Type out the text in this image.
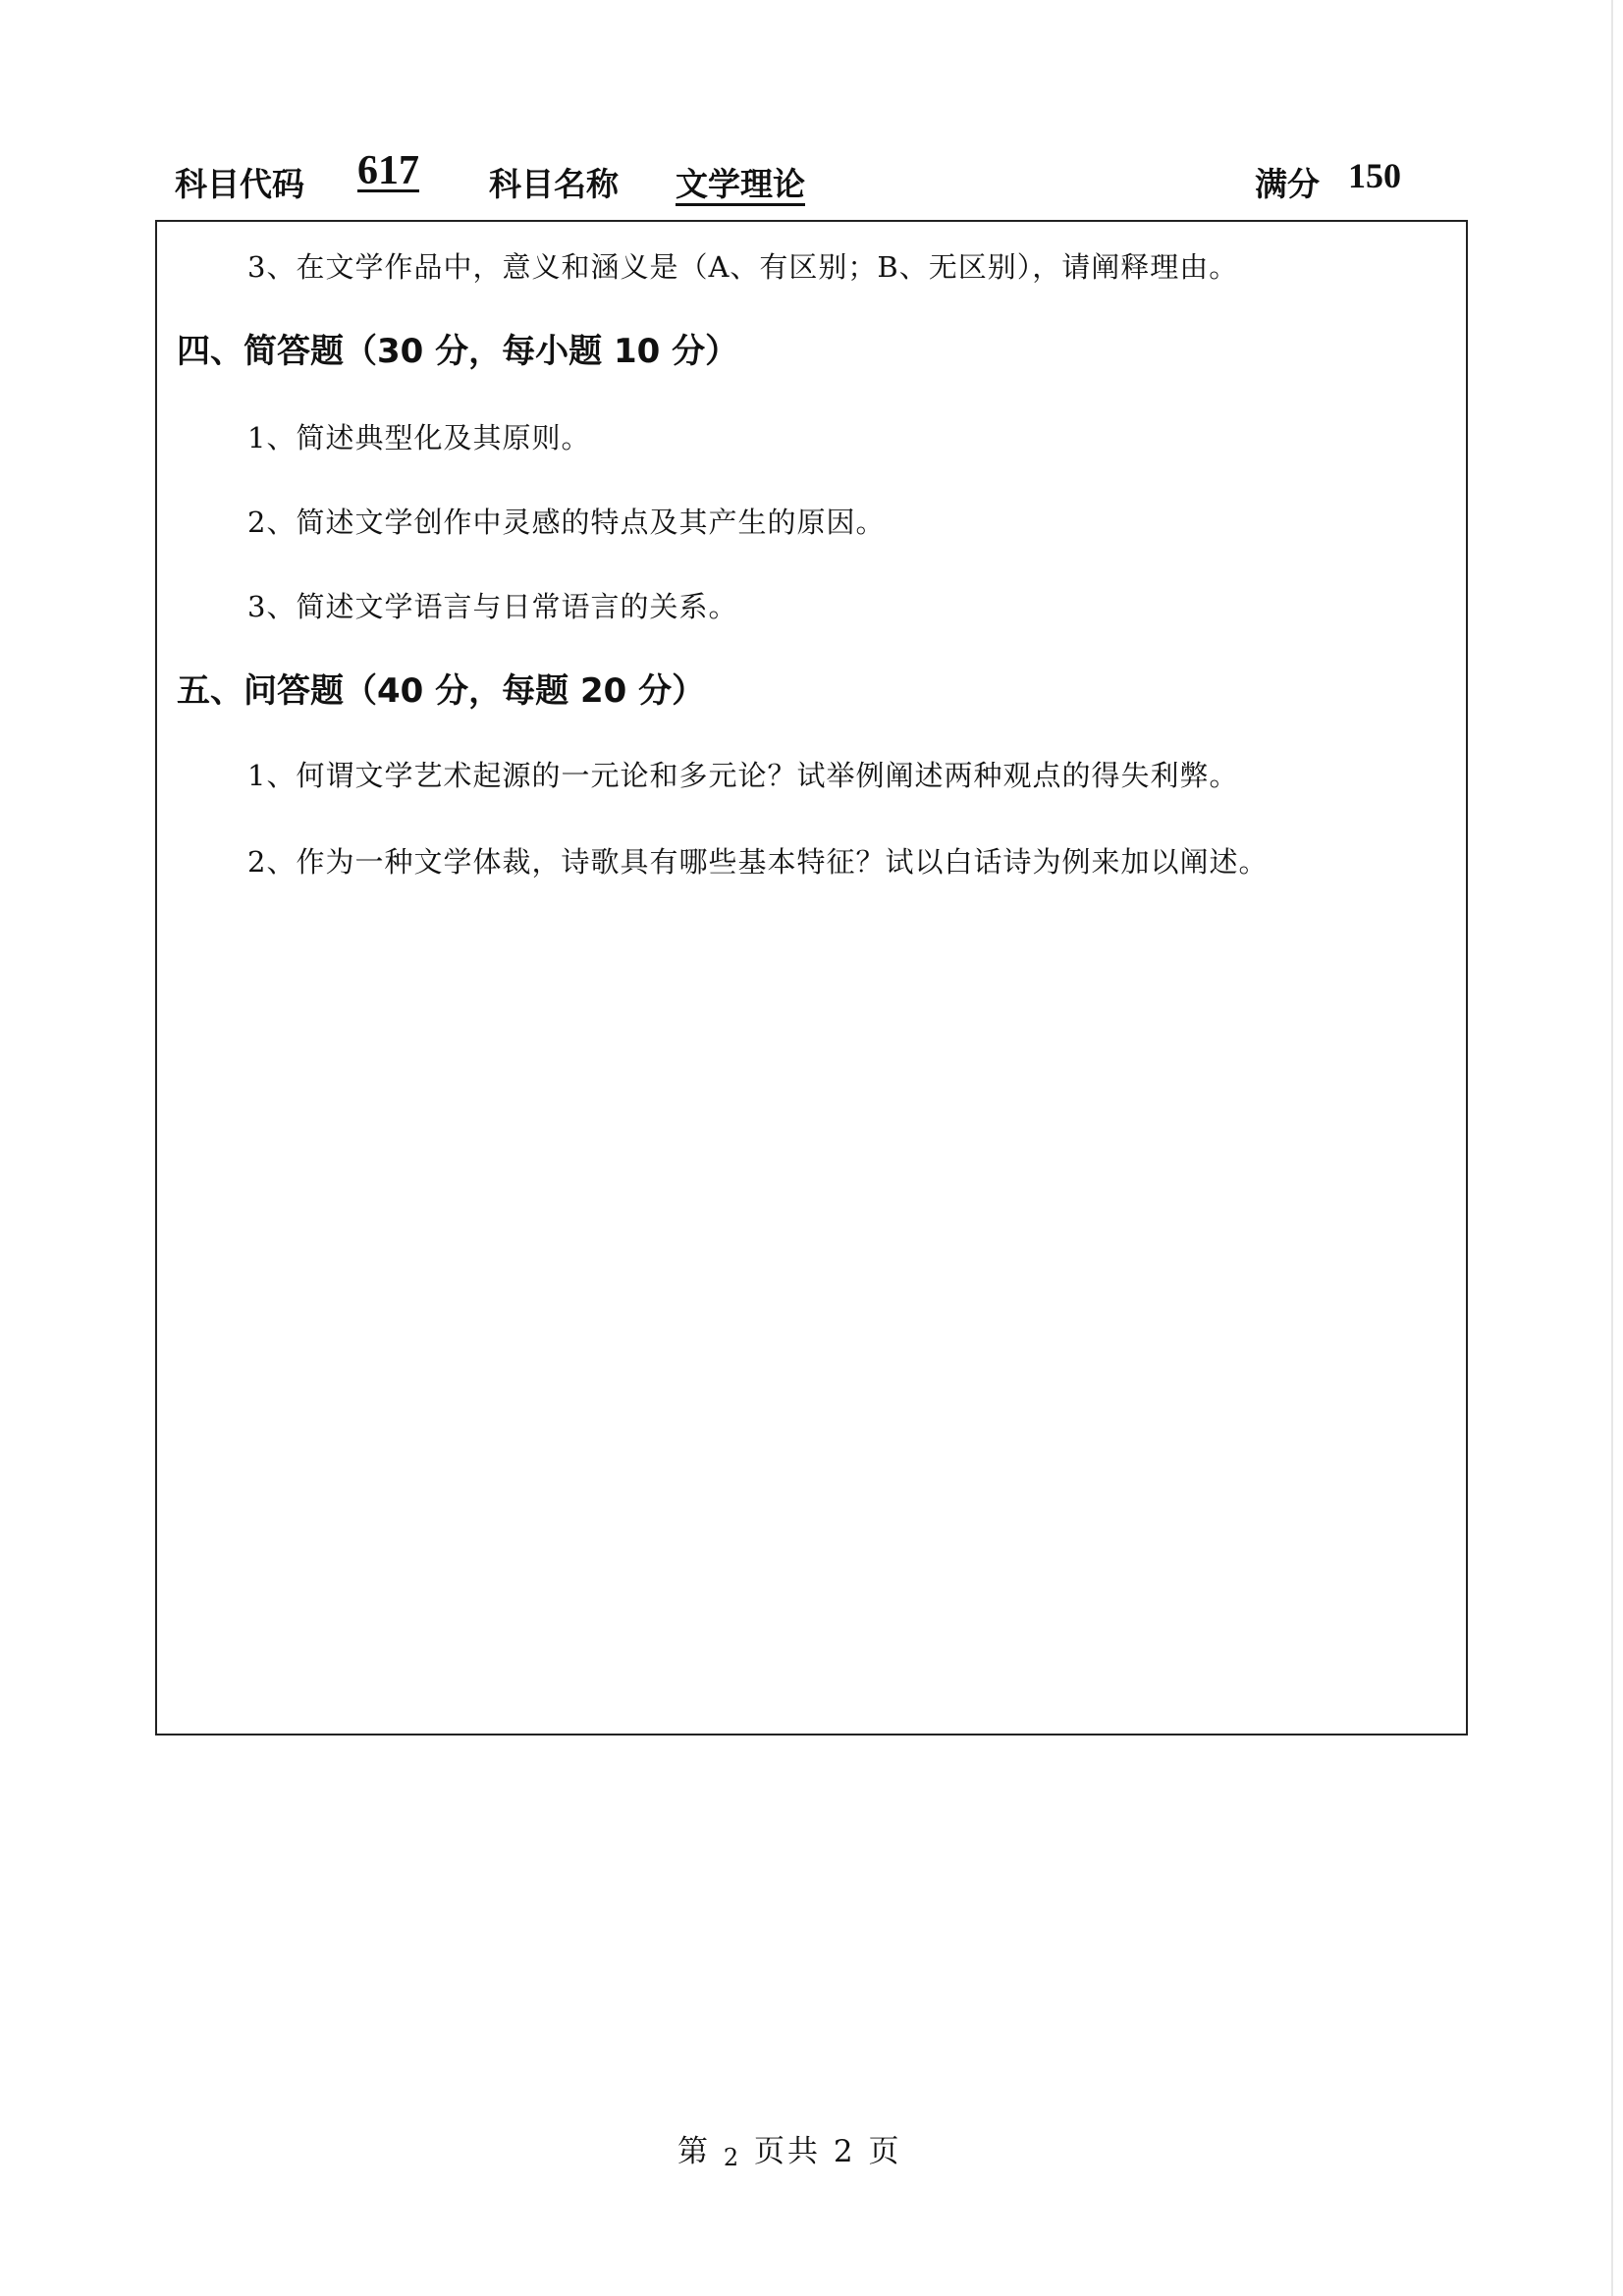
科目代码 617 科目名称 文学理论	满分 150
3、在文学作品中，意义和涵义是（A、有区别；B、无区别），请阐释理由。
四、简答题（30 分，每小题 10 分）
1、简述典型化及其原则。
2、简述文学创作中灵感的特点及其产生的原因。
3、简述文学语言与日常语言的关系。
五、问答题（40 分，每题 20 分）
1、何谓文学艺术起源的一元论和多元论？试举例阐述两种观点的得失利弊。
2、作为一种文学体裁，诗歌具有哪些基本特征？试以白话诗为例来加以阐述。
第 2 页共 2 页
